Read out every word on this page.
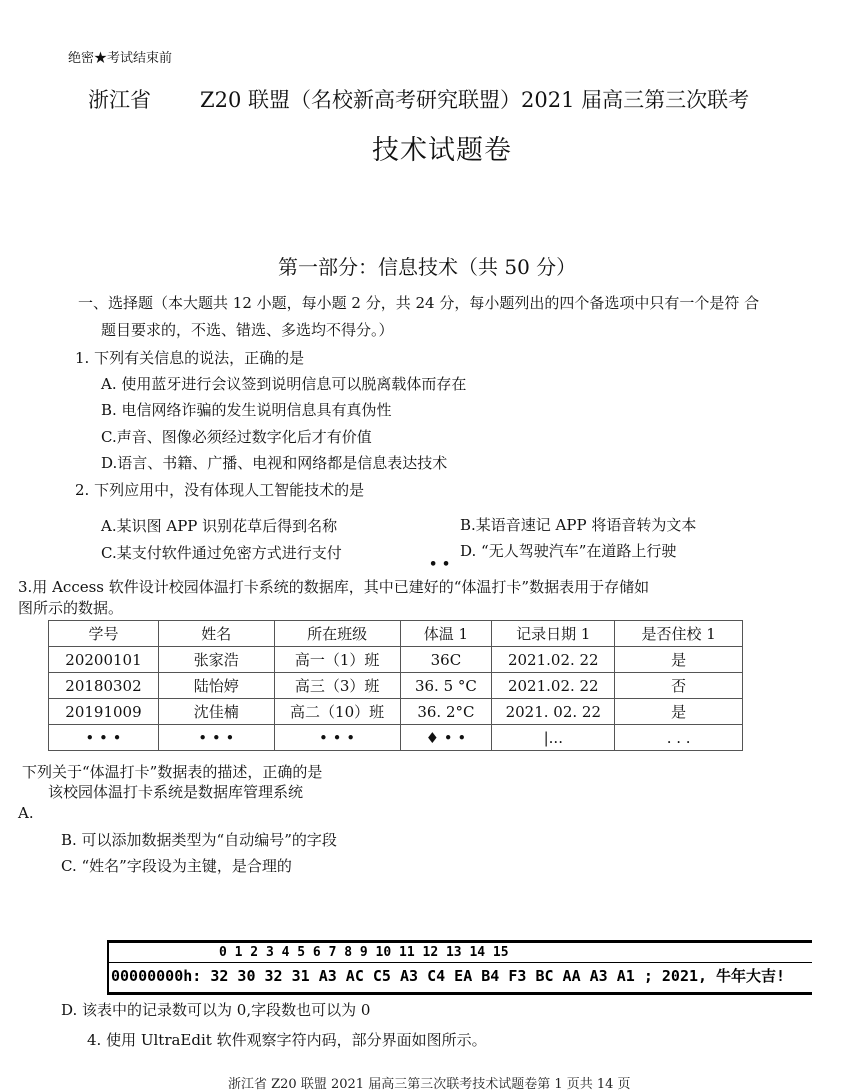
绝密★考试结束前
浙江省 Z20 联盟（名校新高考研究联盟）2021 届高三第三次联考
技术试题卷
第一部分：信息技术（共 50 分）
一、选择题（本大题共 12 小题，每小题 2 分，共 24 分，每小题列出的四个备选项中只有一个是符 合
题目要求的，不选、错选、多选均不得分。）
1. 下列有关信息的说法，正确的是
A. 使用蓝牙进行会议签到说明信息可以脱离载体而存在
B. 电信网络诈骗的发生说明信息具有真伪性
C.声音、图像必须经过数字化后才有价值
D.语言、书籍、广播、电视和网络都是信息表达技术
2. 下列应用中，没有体现人工智能技术的是
A.某识图 APP 识别花草后得到名称	B.某语音速记 APP 将语音转为文本
C.某支付软件通过免密方式进行支付	D. “无人驾驶汽车”在道路上行驶
• •
3.用 Access 软件设计校园体温打卡系统的数据库，其中已建好的“体温打卡”数据表用于存储如
图所示的数据。
学号	姓名	所在班级	体温 1	记录日期 1	是否住校 1
20200101	张家浩	高一（1）班	36C	2021.02. 22	是
20180302	陆怡婷	高三（3）班	36. 5 °C	2021.02. 22	否
20191009	沈佳楠	高二（10）班	36. 2°C	2021. 02. 22	是
• • •	• • •	• • •	♦ • •	|...	. . .
下列关于“体温打卡”数据表的描述，正确的是
该校园体温打卡系统是数据库管理系统
A.
B. 可以添加数据类型为“自动编号”的字段
C. “姓名”字段设为主键，是合理的
0 1 2 3 4 5 6 7 8 9 10 11 12 13 14 15
00000000h: 32 30 32 31 A3 AC C5 A3 C4 EA B4 F3 BC AA A3 A1 ; 2021, 牛年大吉!
D. 该表中的记录数可以为 0,字段数也可以为 0
4. 使用 UltraEdit 软件观察字符内码，部分界面如图所示。
浙江省 Z20 联盟 2021 届高三第三次联考技术试题卷第 1 页共 14 页
